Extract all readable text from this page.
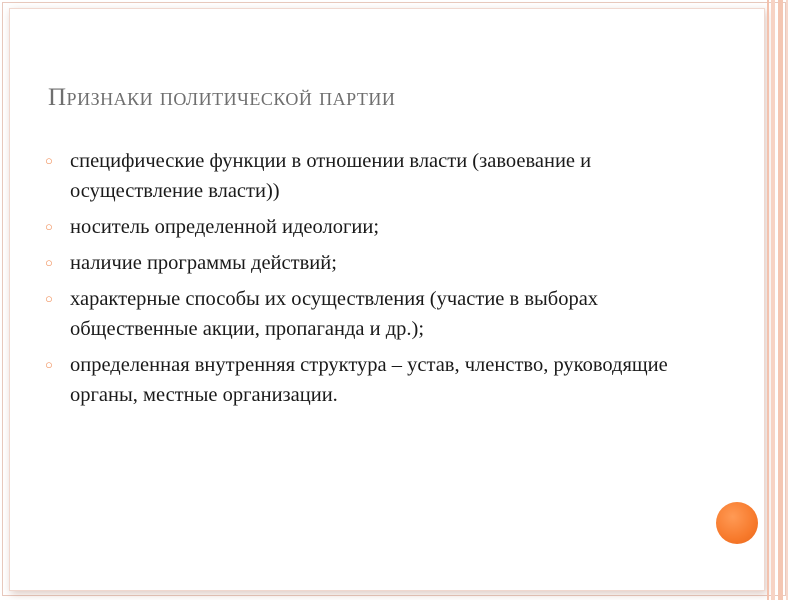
Признаки политической партии
○ специфические функции в отношении власти (завоевание и осуществление власти))
○ носитель определенной идеологии;
○ наличие программы действий;
○ характерные способы их осуществления (участие в выборах общественные акции, пропаганда и др.);
○ определенная внутренняя структура – устав, членство, руководящие органы, местные организации.
